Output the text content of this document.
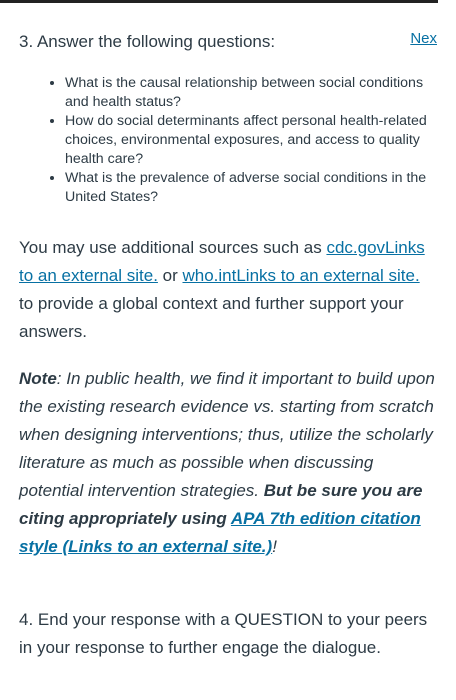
3. Answer the following questions:	Nex
• What is the causal relationship between social conditions and health status?
• How do social determinants affect personal health-related choices, environmental exposures, and access to quality health care?
• What is the prevalence of adverse social conditions in the United States?

You may use additional sources such as cdc.govLinks to an external site. or who.intLinks to an external site. to provide a global context and further support your answers.

Note: In public health, we find it important to build upon the existing research evidence vs. starting from scratch when designing interventions; thus, utilize the scholarly literature as much as possible when discussing potential intervention strategies. But be sure you are citing appropriately using APA 7th edition citation style (Links to an external site.)!

4. End your response with a QUESTION to your peers in your response to further engage the dialogue.
